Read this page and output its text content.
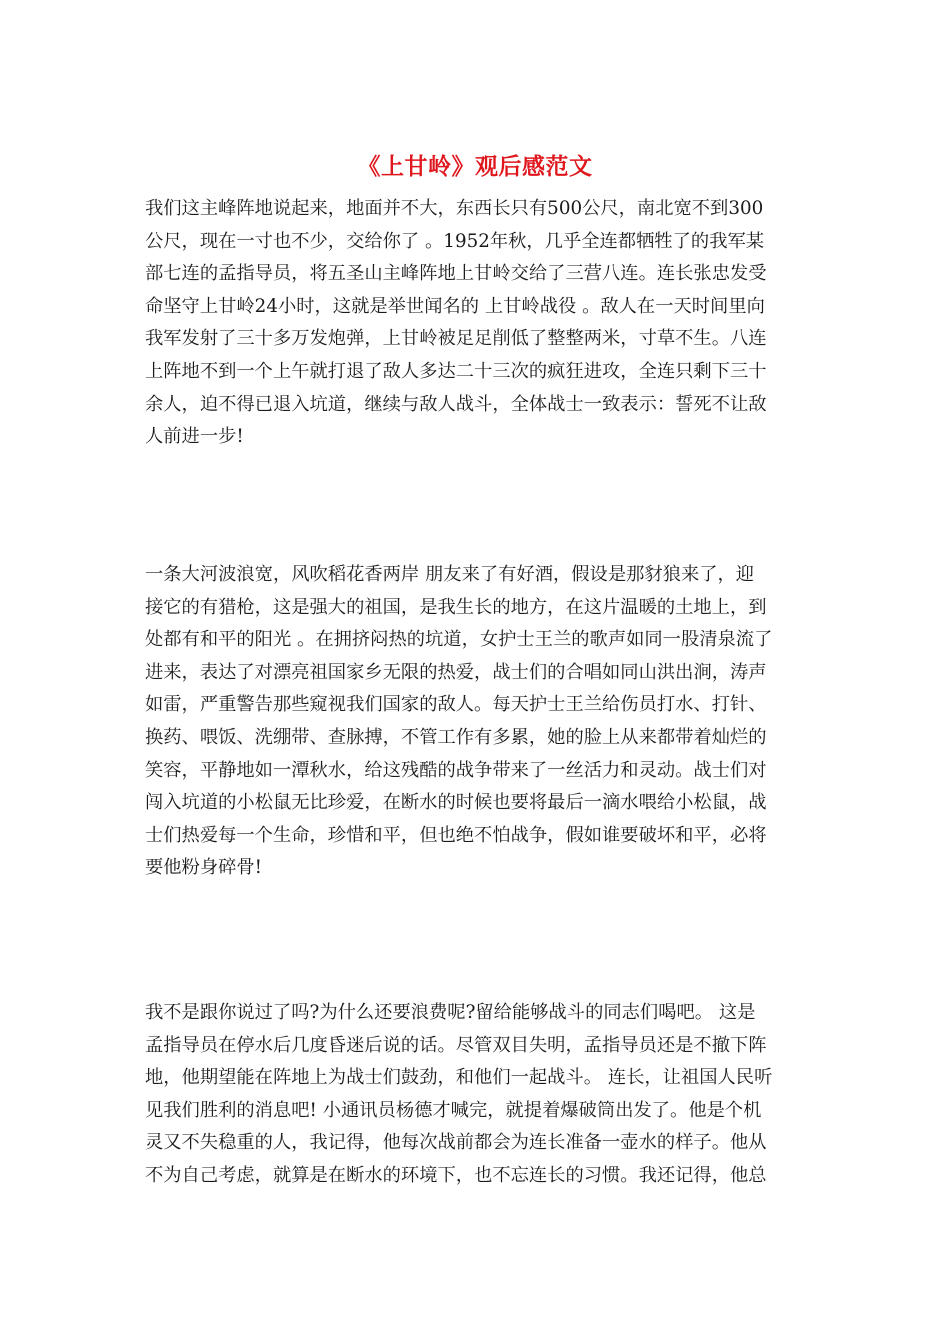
《上甘岭》观后感范文
我们这主峰阵地说起来，地面并不大，东西长只有500公尺，南北宽不到300
公尺，现在一寸也不少，交给你了 。1952年秋，几乎全连都牺牲了的我军某
部七连的孟指导员，将五圣山主峰阵地上甘岭交给了三营八连。连长张忠发受
命坚守上甘岭24小时，这就是举世闻名的 上甘岭战役 。敌人在一天时间里向
我军发射了三十多万发炮弹，上甘岭被足足削低了整整两米，寸草不生。八连
上阵地不到一个上午就打退了敌人多达二十三次的疯狂进攻，全连只剩下三十
余人，迫不得已退入坑道，继续与敌人战斗，全体战士一致表示：誓死不让敌
人前进一步!
一条大河波浪宽，风吹稻花香两岸 朋友来了有好酒，假设是那豺狼来了，迎
接它的有猎枪，这是强大的祖国，是我生长的地方，在这片温暖的土地上，到
处都有和平的阳光 。在拥挤闷热的坑道，女护士王兰的歌声如同一股清泉流了
进来，表达了对漂亮祖国家乡无限的热爱，战士们的合唱如同山洪出涧，涛声
如雷，严重警告那些窥视我们国家的敌人。每天护士王兰给伤员打水、打针、
换药、喂饭、洗绷带、查脉搏，不管工作有多累，她的脸上从来都带着灿烂的
笑容，平静地如一潭秋水，给这残酷的战争带来了一丝活力和灵动。战士们对
闯入坑道的小松鼠无比珍爱，在断水的时候也要将最后一滴水喂给小松鼠，战
士们热爱每一个生命，珍惜和平，但也绝不怕战争，假如谁要破坏和平，必将
要他粉身碎骨!
我不是跟你说过了吗?为什么还要浪费呢?留给能够战斗的同志们喝吧。 这是
孟指导员在停水后几度昏迷后说的话。尽管双目失明，孟指导员还是不撤下阵
地，他期望能在阵地上为战士们鼓劲，和他们一起战斗。 连长，让祖国人民听
见我们胜利的消息吧! 小通讯员杨德才喊完，就提着爆破筒出发了。他是个机
灵又不失稳重的人，我记得，他每次战前都会为连长准备一壶水的样子。他从
不为自己考虑，就算是在断水的环境下，也不忘连长的习惯。我还记得，他总
